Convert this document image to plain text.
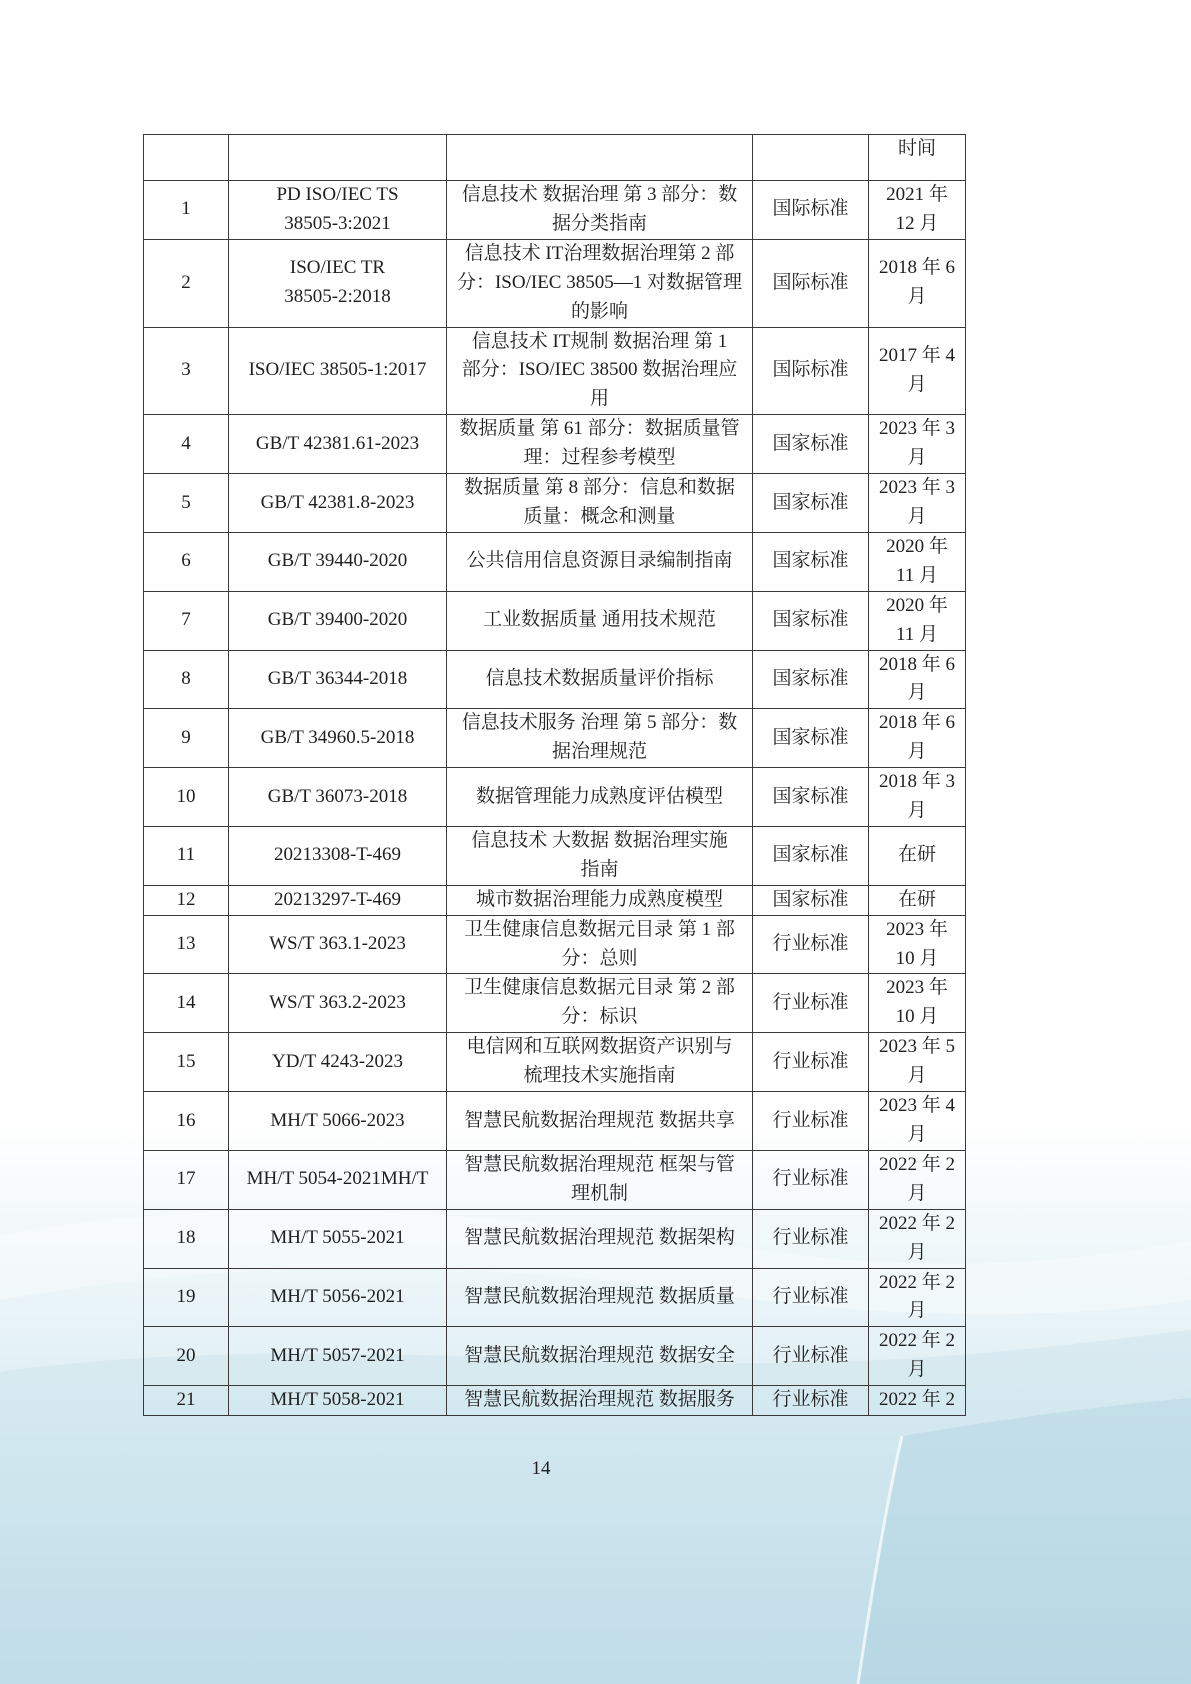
				时间
1	PD ISO/IEC TS
38505-3:2021	信息技术 数据治理 第 3 部分：数
据分类指南	国际标准	2021 年
12 月

2	ISO/IEC TR
38505-2:2018	信息技术 IT治理数据治理第 2 部
分：ISO/IEC 38505—1 对数据管理
的影响	国际标准	2018 年 6
月

3	ISO/IEC 38505-1:2017	信息技术 IT规制 数据治理 第 1
部分：ISO/IEC 38500 数据治理应
用	国际标准	2017 年 4
月

4	GB/T 42381.61-2023	数据质量 第 61 部分：数据质量管
理：过程参考模型	国家标准	2023 年 3
月

5	GB/T 42381.8-2023	数据质量 第 8 部分：信息和数据
质量：概念和测量	国家标准	2023 年 3
月

6	GB/T 39440-2020	公共信用信息资源目录编制指南	国家标准	2020 年
11 月

7	GB/T 39400-2020	工业数据质量 通用技术规范	国家标准	2020 年
11 月

8	GB/T 36344-2018	信息技术数据质量评价指标	国家标准	2018 年 6
月

9	GB/T 34960.5-2018	信息技术服务 治理 第 5 部分：数
据治理规范	国家标准	2018 年 6
月

10	GB/T 36073-2018	数据管理能力成熟度评估模型	国家标准	2018 年 3
月

11	20213308-T-469	信息技术 大数据 数据治理实施
指南	国家标准	在研

12	20213297-T-469	城市数据治理能力成熟度模型	国家标准	在研

13	WS/T 363.1-2023	卫生健康信息数据元目录 第 1 部
分：总则	行业标准	2023 年
10 月

14	WS/T 363.2-2023	卫生健康信息数据元目录 第 2 部
分：标识	行业标准	2023 年
10 月

15	YD/T 4243-2023	电信网和互联网数据资产识别与
梳理技术实施指南	行业标准	2023 年 5
月

16	MH/T 5066-2023	智慧民航数据治理规范 数据共享	行业标准	2023 年 4
月

17	MH/T 5054-2021MH/T	智慧民航数据治理规范 框架与管
理机制	行业标准	2022 年 2
月

18	MH/T 5055-2021	智慧民航数据治理规范 数据架构	行业标准	2022 年 2
月

19	MH/T 5056-2021	智慧民航数据治理规范 数据质量	行业标准	2022 年 2
月

20	MH/T 5057-2021	智慧民航数据治理规范 数据安全	行业标准	2022 年 2
月

21	MH/T 5058-2021	智慧民航数据治理规范 数据服务	行业标准	2022 年 2
14
